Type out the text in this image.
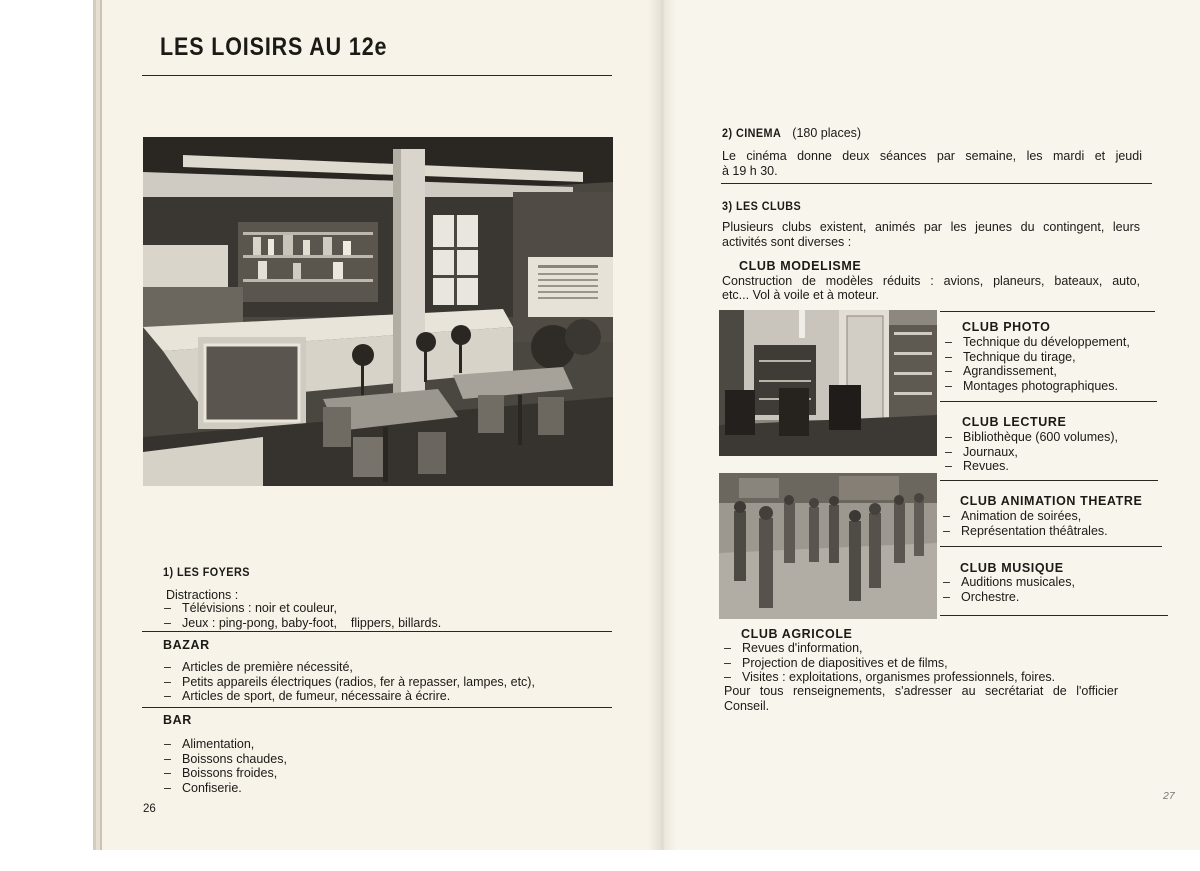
LES LOISIRS AU 12e
1) LES FOYERS
Distractions :
– Télévisions : noir et couleur,
– Jeux : ping-pong, baby-foot,    flippers, billards.
BAZAR
– Articles de première nécessité,
– Petits appareils électriques (radios, fer à repasser, lampes, etc),
– Articles de sport, de fumeur, nécessaire à écrire.
BAR
– Alimentation,
– Boissons chaudes,
– Boissons froides,
– Confiserie.
26
2) CINEMA (180 places)
Le cinéma donne deux séances par semaine, les mardi et jeudi
à 19 h 30.
3) LES CLUBS
Plusieurs clubs existent, animés par les jeunes du contingent, leurs
activités sont diverses :
CLUB MODELISME
Construction de modèles réduits : avions, planeurs, bateaux, auto,
etc... Vol à voile et à moteur.
CLUB PHOTO
– Technique du développement,
– Technique du tirage,
– Agrandissement,
– Montages photographiques.
CLUB LECTURE
– Bibliothèque (600 volumes),
– Journaux,
– Revues.
CLUB ANIMATION THEATRE
– Animation de soirées,
– Représentation théâtrales.
CLUB MUSIQUE
– Auditions musicales,
– Orchestre.
CLUB AGRICOLE
– Revues d'information,
– Projection de diapositives et de films,
– Visites : exploitations, organismes professionnels, foires.
Pour tous renseignements, s'adresser au secrétariat de l'officier
Conseil.
27
